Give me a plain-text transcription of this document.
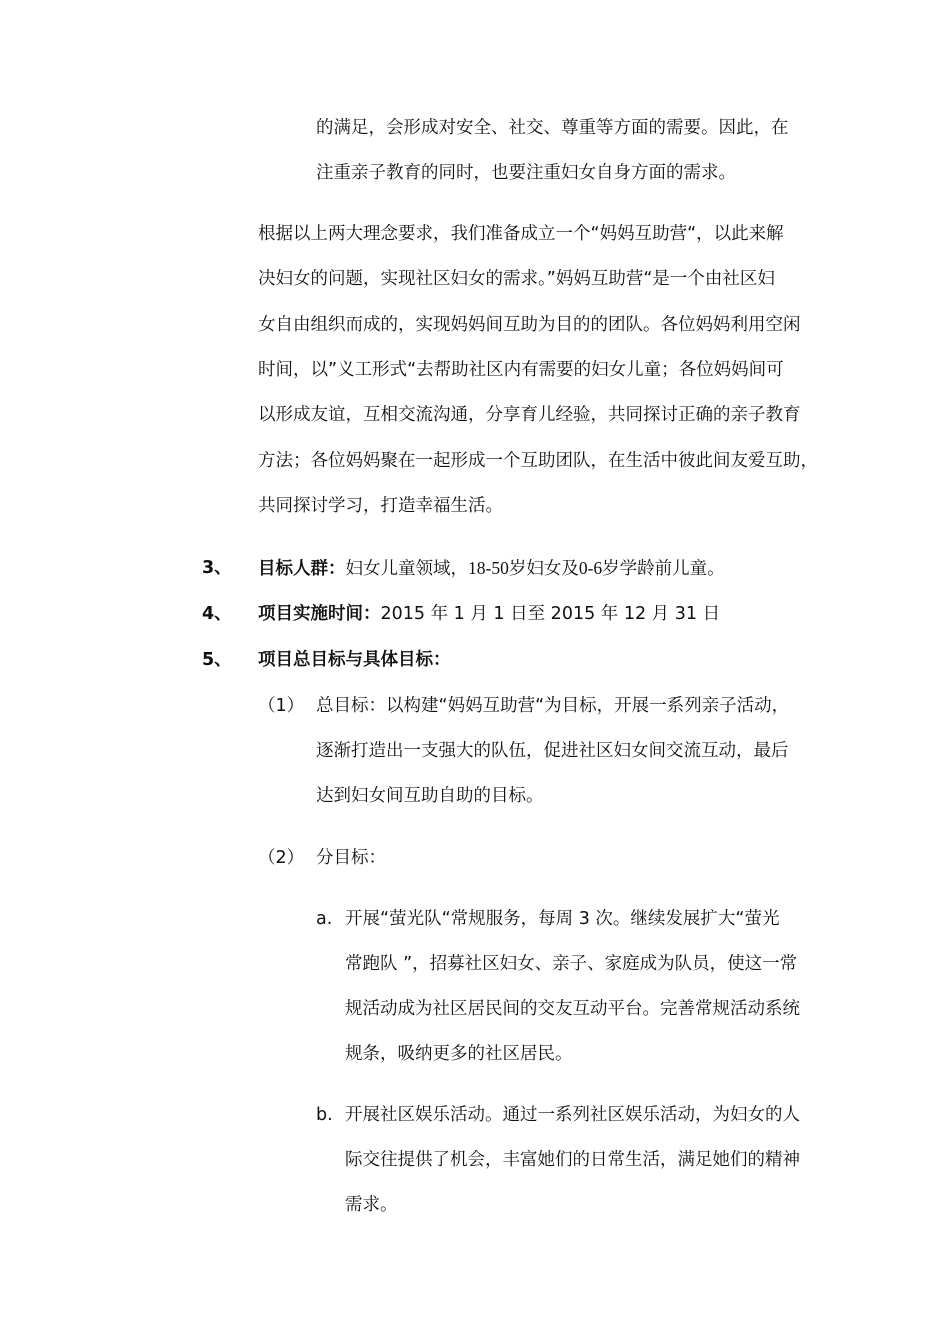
的满足，会形成对安全、社交、尊重等方面的需要。因此，在
注重亲子教育的同时，也要注重妇女自身方面的需求。
根据以上两大理念要求，我们准备成立一个“妈妈互助营“，以此来解
决妇女的问题，实现社区妇女的需求。”妈妈互助营“是一个由社区妇
女自由组织而成的，实现妈妈间互助为目的的团队。各位妈妈利用空闲
时间，以”义工形式“去帮助社区内有需要的妇女儿童；各位妈妈间可
以形成友谊，互相交流沟通，分享育儿经验，共同探讨正确的亲子教育
方法；各位妈妈聚在一起形成一个互助团队，在生活中彼此间友爱互助，
共同探讨学习，打造幸福生活。
3、 目标人群：妇女儿童领域，18-50岁妇女及0-6岁学龄前儿童。
4、 项目实施时间：2015 年 1 月 1 日至 2015 年 12 月 31 日
5、 项目总目标与具体目标：
（1） 总目标：以构建“妈妈互助营“为目标，开展一系列亲子活动，
逐渐打造出一支强大的队伍，促进社区妇女间交流互动，最后
达到妇女间互助自助的目标。
（2） 分目标：
a. 开展“萤光队“常规服务，每周 3 次。继续发展扩大“萤光
常跑队 ”，招募社区妇女、亲子、家庭成为队员，使这一常
规活动成为社区居民间的交友互动平台。完善常规活动系统
规条，吸纳更多的社区居民。
b. 开展社区娱乐活动。通过一系列社区娱乐活动，为妇女的人
际交往提供了机会，丰富她们的日常生活，满足她们的精神
需求。
